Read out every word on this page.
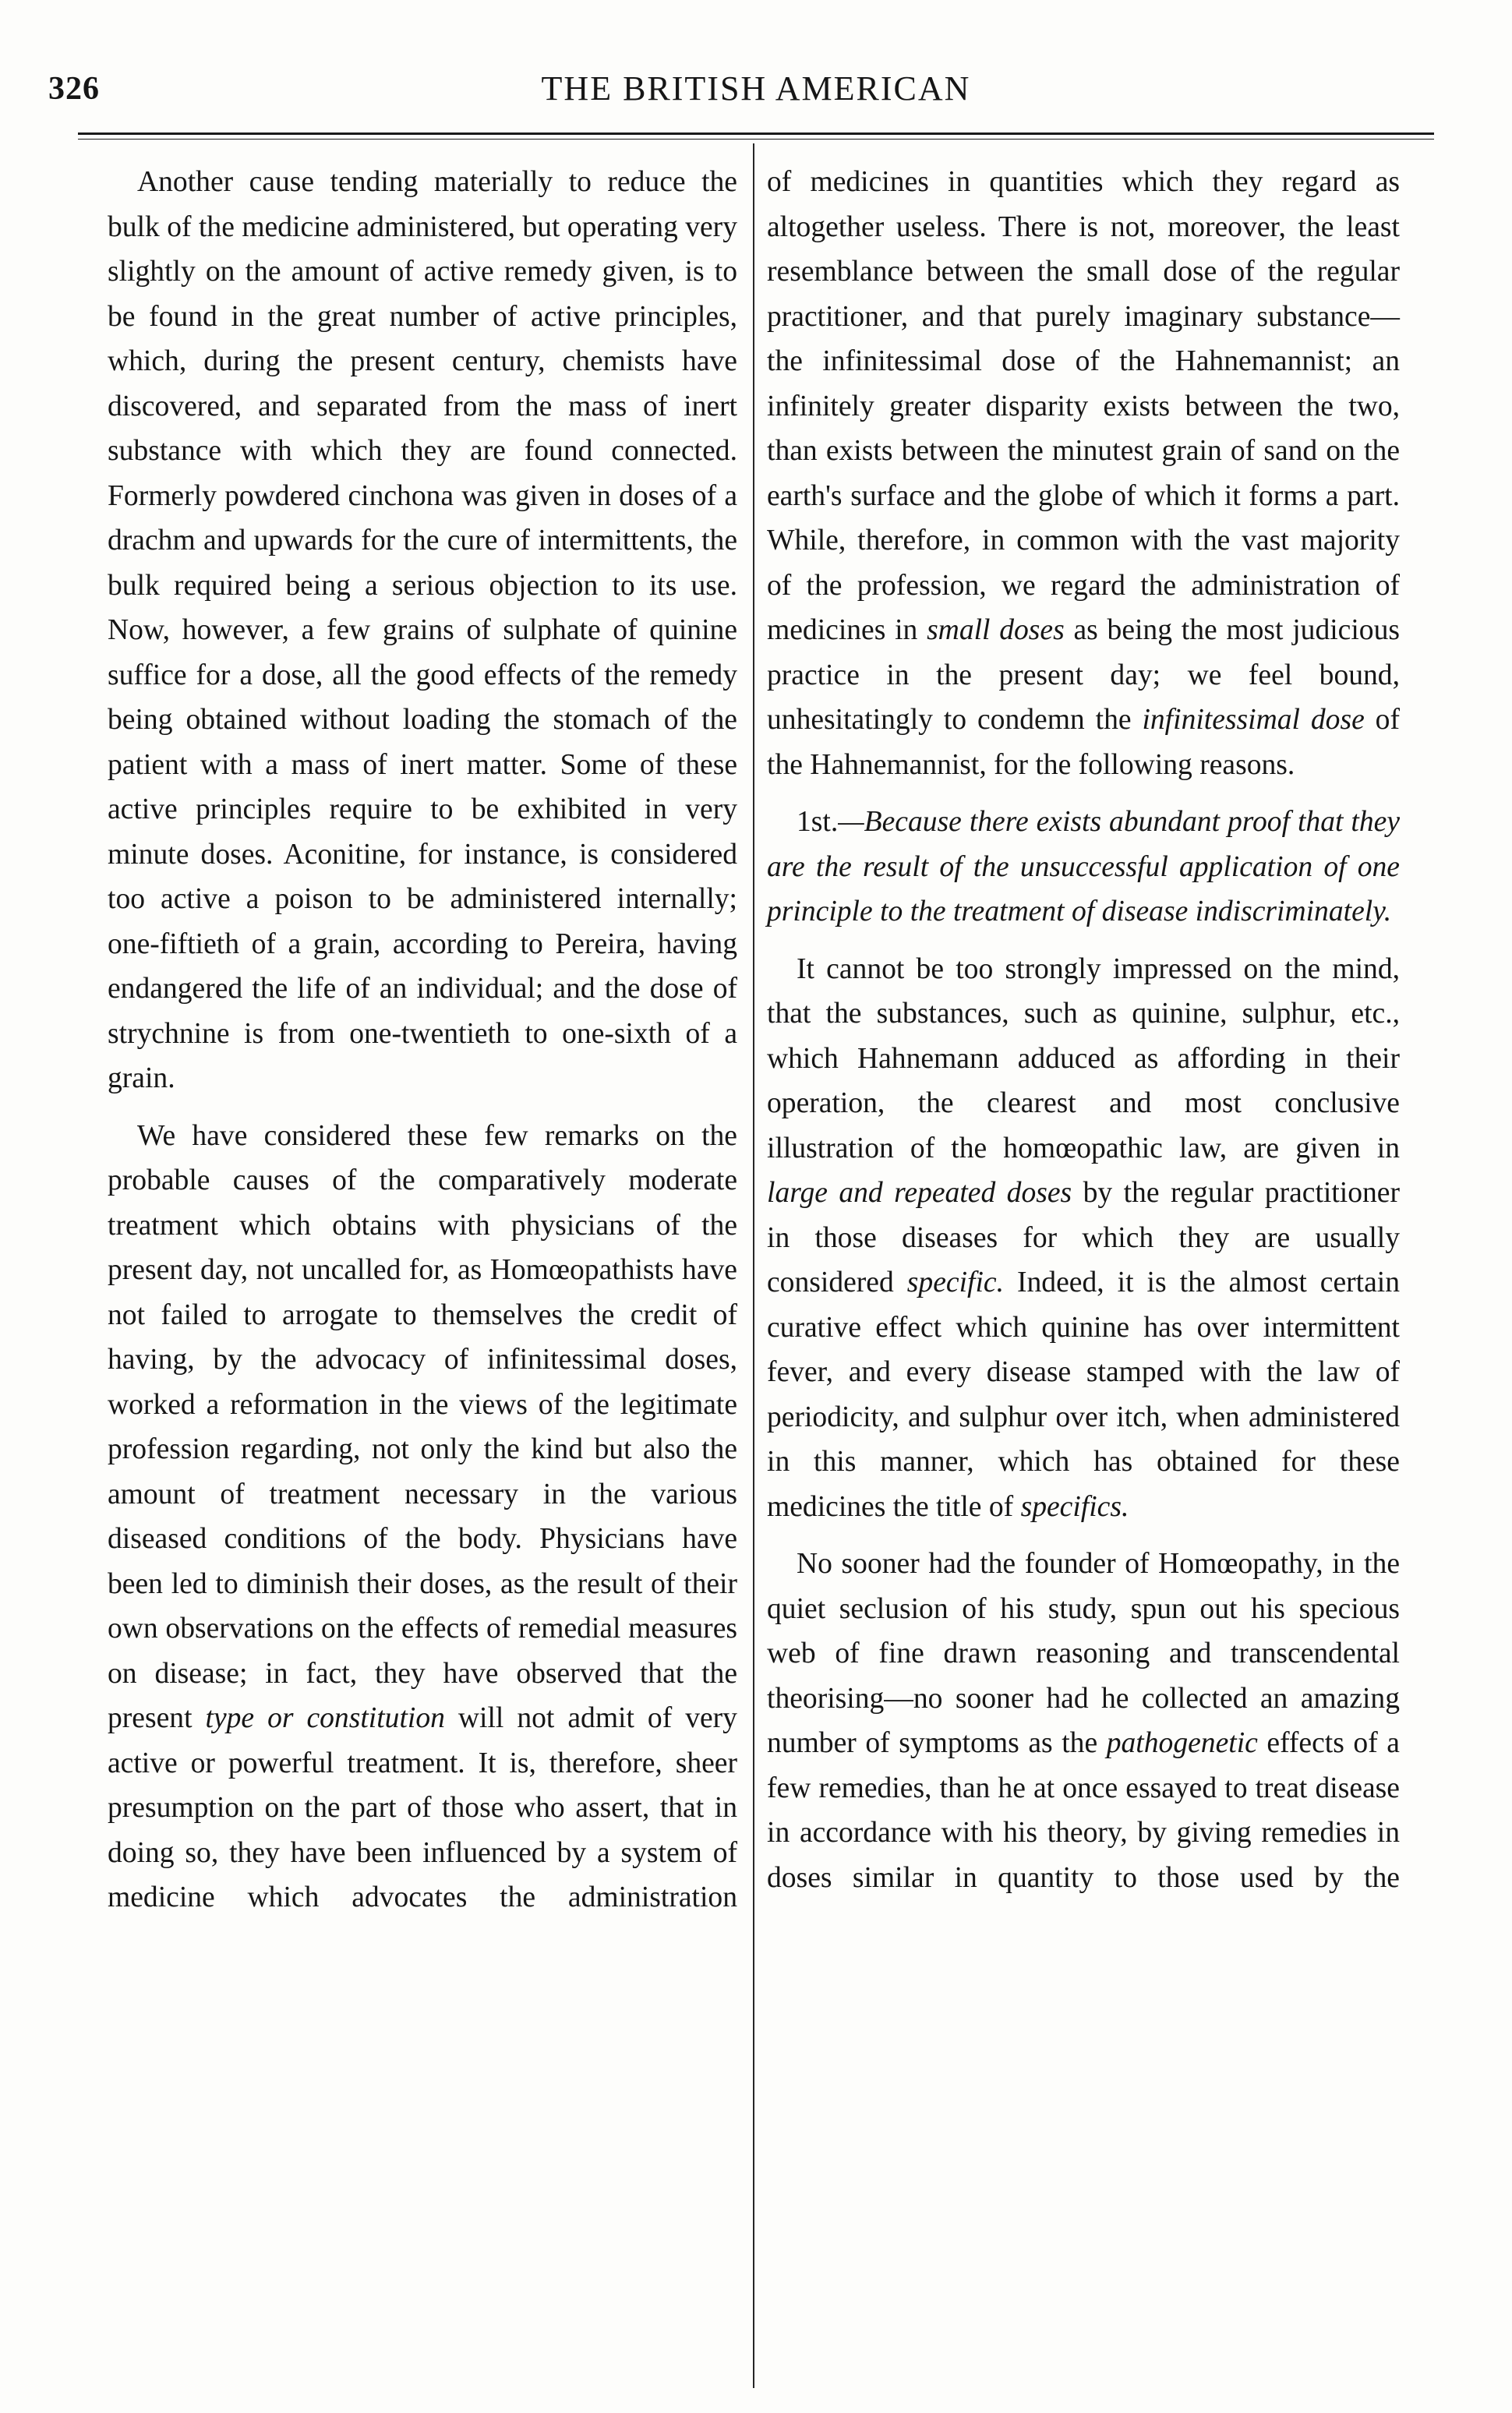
326	THE BRITISH AMERICAN

Another cause tending materially to reduce the bulk of the medicine administered, but operating very slightly on the amount of active remedy given, is to be found in the great number of active principles, which, during the present century, chemists have discovered, and separated from the mass of inert substance with which they are found connected. Formerly powdered cinchona was given in doses of a drachm and upwards for the cure of intermittents, the bulk required being a serious objection to its use. Now, however, a few grains of sulphate of quinine suffice for a dose, all the good effects of the remedy being obtained without loading the stomach of the patient with a mass of inert matter. Some of these active principles require to be exhibited in very minute doses. Aconitine, for instance, is considered too active a poison to be administered internally; one-fiftieth of a grain, according to Pereira, having endangered the life of an individual; and the dose of strychnine is from one-twentieth to one-sixth of a grain.

We have considered these few remarks on the probable causes of the comparatively moderate treatment which obtains with physicians of the present day, not uncalled for, as Homœopathists have not failed to arrogate to themselves the credit of having, by the advocacy of infinitessimal doses, worked a reformation in the views of the legitimate profession regarding, not only the kind but also the amount of treatment necessary in the various diseased conditions of the body. Physicians have been led to diminish their doses, as the result of their own observations on the effects of remedial measures on disease; in fact, they have observed that the present type or constitution will not admit of very active or powerful treatment. It is, therefore, sheer presumption on the part of those who assert, that in doing so, they have been influenced by a system of medicine which advocates the administration

of medicines in quantities which they regard as altogether useless. There is not, moreover, the least resemblance between the small dose of the regular practitioner, and that purely imaginary substance—the infinitessimal dose of the Hahnemannist; an infinitely greater disparity exists between the two, than exists between the minutest grain of sand on the earth's surface and the globe of which it forms a part. While, therefore, in common with the vast majority of the profession, we regard the administration of medicines in small doses as being the most judicious practice in the present day; we feel bound, unhesitatingly to condemn the infinitessimal dose of the Hahnemannist, for the following reasons.

1st.—Because there exists abundant proof that they are the result of the unsuccessful application of one principle to the treatment of disease indiscriminately.

It cannot be too strongly impressed on the mind, that the substances, such as quinine, sulphur, etc., which Hahnemann adduced as affording in their operation, the clearest and most conclusive illustration of the homœopathic law, are given in large and repeated doses by the regular practitioner in those diseases for which they are usually considered specific. Indeed, it is the almost certain curative effect which quinine has over intermittent fever, and every disease stamped with the law of periodicity, and sulphur over itch, when administered in this manner, which has obtained for these medicines the title of specifics.

No sooner had the founder of Homœopathy, in the quiet seclusion of his study, spun out his specious web of fine drawn reasoning and transcendental theorising—no sooner had he collected an amazing number of symptoms as the pathogenetic effects of a few remedies, than he at once essayed to treat disease in accordance with his theory, by giving remedies in doses similar in quantity to those used by the
